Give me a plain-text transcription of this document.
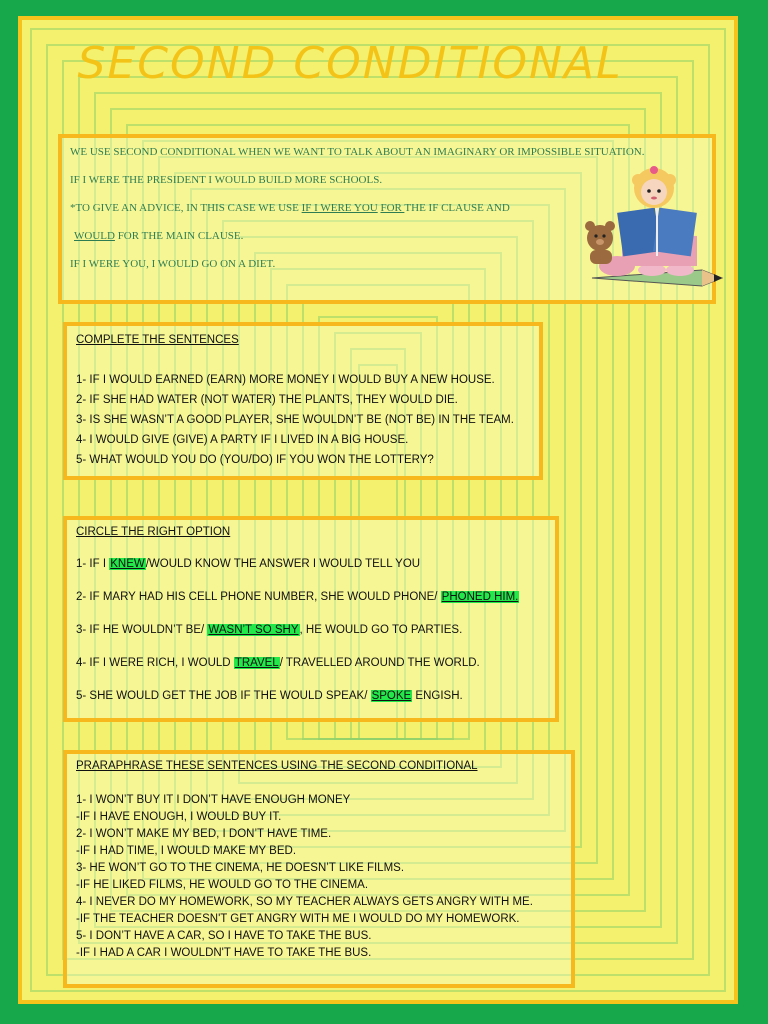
SECOND CONDITIONAL

WE USE SECOND CONDITIONAL WHEN WE WANT TO TALK ABOUT AN IMAGINARY OR IMPOSSIBLE SITUATION.

IF I WERE THE PRESIDENT I WOULD BUILD MORE SCHOOLS.

*TO GIVE AN ADVICE, IN THIS CASE WE USE IF I WERE YOU FOR THE IF CLAUSE AND

WOULD FOR THE MAIN CLAUSE.

IF I WERE YOU, I WOULD GO ON A DIET.

COMPLETE THE SENTENCES
1- IF I WOULD EARNED (EARN) MORE MONEY I WOULD BUY A NEW HOUSE.
2- IF SHE HAD WATER (NOT WATER) THE PLANTS, THEY WOULD DIE.
3- IS SHE WASN’T A GOOD PLAYER, SHE WOULDN’T BE (NOT BE) IN THE TEAM.
4- I WOULD GIVE (GIVE) A PARTY IF I LIVED IN A BIG HOUSE.
5- WHAT WOULD YOU DO (YOU/DO) IF YOU WON THE LOTTERY?
CIRCLE THE RIGHT OPTION
1- IF I KNEW/WOULD KNOW THE ANSWER I WOULD TELL YOU
2- IF MARY HAD HIS CELL PHONE NUMBER, SHE WOULD PHONE/ PHONED HIM.
3- IF HE WOULDN’T BE/ WASN’T SO SHY, HE WOULD GO TO PARTIES.
4- IF I WERE RICH, I WOULD TRAVEL/ TRAVELLED AROUND THE WORLD.
5- SHE WOULD GET THE JOB IF THE WOULD SPEAK/ SPOKE ENGISH.
PRARAPHRASE THESE SENTENCES USING THE SECOND CONDITIONAL
1- I WON’T BUY IT I DON’T HAVE ENOUGH MONEY
-IF I HAVE ENOUGH, I WOULD BUY IT.
2- I WON’T MAKE MY BED, I DON’T HAVE TIME.
-IF I HAD TIME, I WOULD MAKE MY BED.
3- HE WON’T GO TO THE CINEMA, HE DOESN’T LIKE FILMS.
-IF HE LIKED FILMS, HE WOULD GO TO THE CINEMA.
4- I NEVER DO MY HOMEWORK, SO MY TEACHER ALWAYS GETS ANGRY WITH ME.
-IF THE TEACHER DOESN'T GET ANGRY WITH ME I WOULD DO MY HOMEWORK.
5- I DON’T HAVE A CAR, SO I HAVE TO TAKE THE BUS.
-IF I HAD A CAR I WOULDN'T HAVE TO TAKE THE BUS.
